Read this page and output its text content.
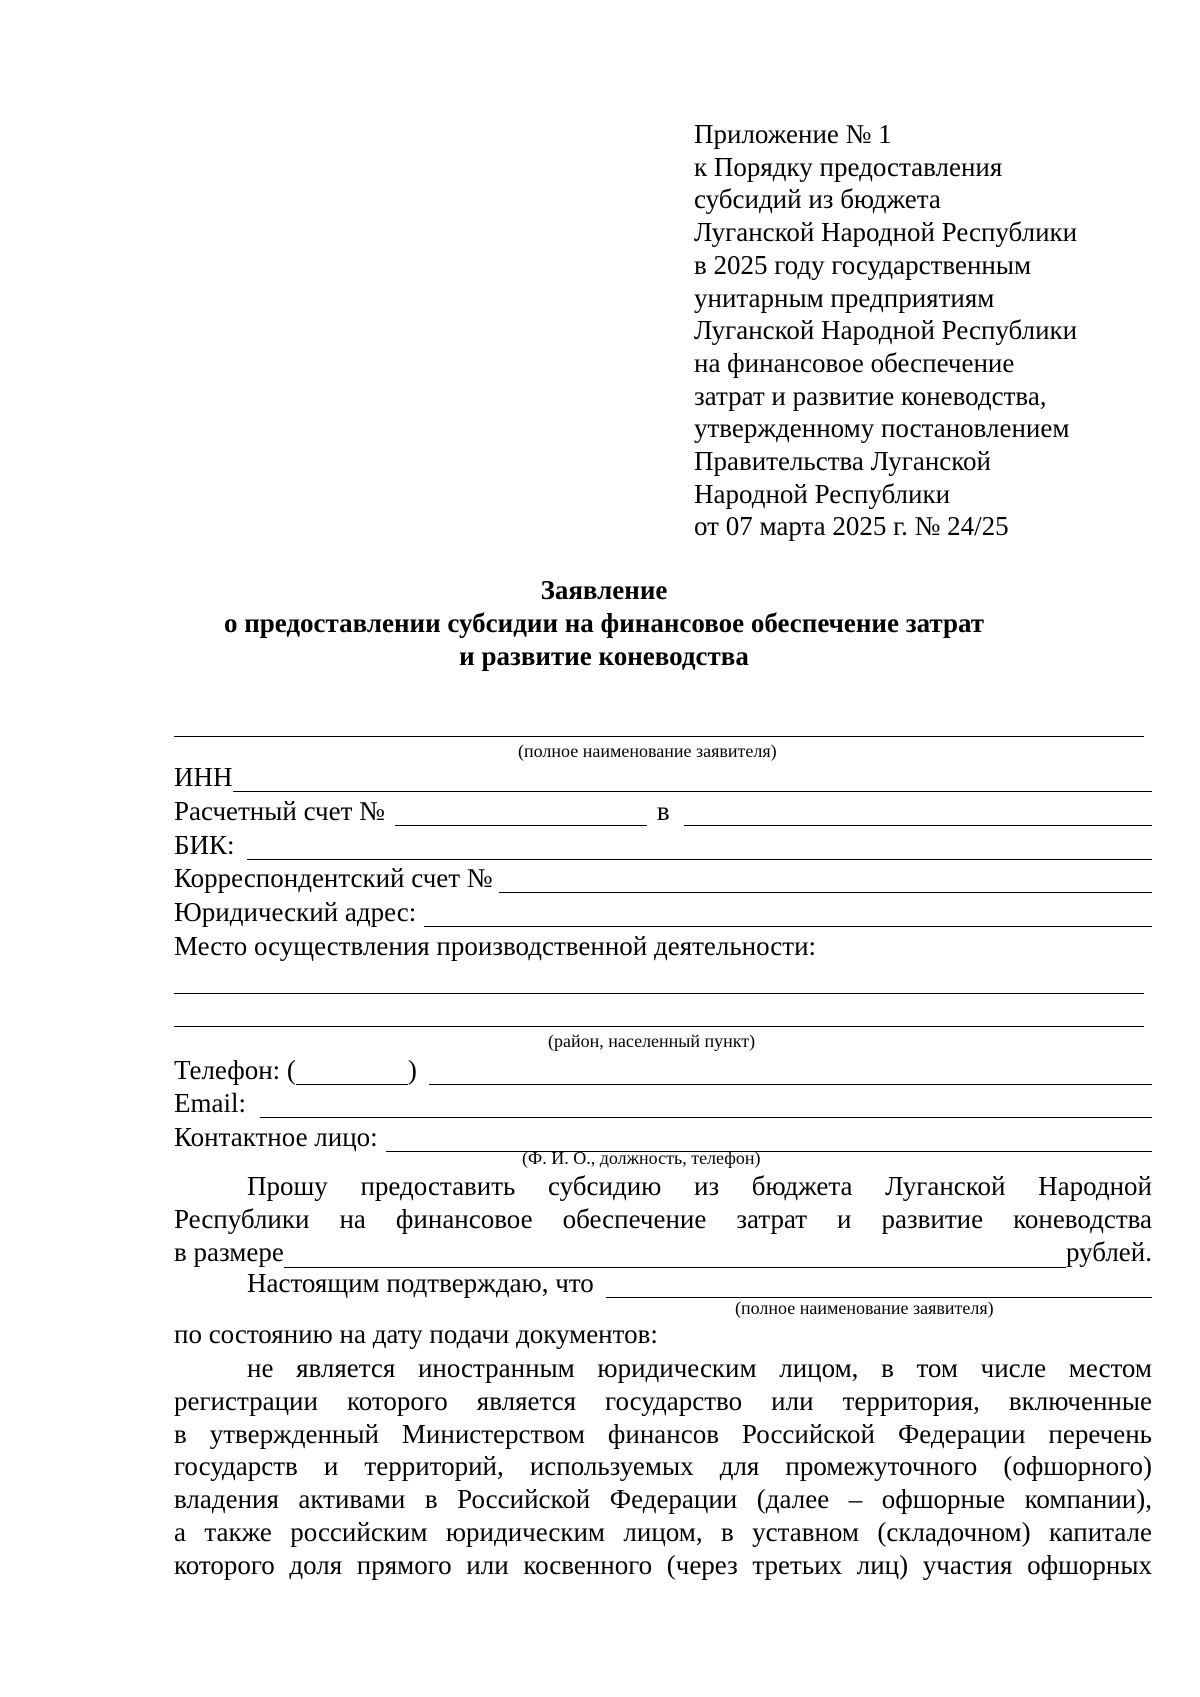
Приложение № 1
к Порядку предоставления
субсидий из бюджета
Луганской Народной Республики
в 2025 году государственным
унитарным предприятиям
Луганской Народной Республики
на финансовое обеспечение
затрат и развитие коневодства,
утвержденному постановлением
Правительства Луганской
Народной Республики
от 07 марта 2025 г. № 24/25
Заявление
о предоставлении субсидии на финансовое обеспечение затрат
и развитие коневодства
(полное наименование заявителя)
ИНН
Расчетный счет №	в
БИК:
Корреспондентский счет №
Юридический адрес:
Место осуществления производственной деятельности:
(район, населенный пункт)
Телефон: (	)
Email:
Контактное лицо:
(Ф. И. О., должность, телефон)
Прошу предоставить субсидию из бюджета Луганской Народной
Республики на финансовое обеспечение затрат и развитие коневодства
в размере	рублей.
Настоящим подтверждаю, что
(полное наименование заявителя)
по состоянию на дату подачи документов:
не является иностранным юридическим лицом, в том числе местом
регистрации которого является государство или территория, включенные
в утвержденный Министерством финансов Российской Федерации перечень
государств и территорий, используемых для промежуточного (офшорного)
владения активами в Российской Федерации (далее – офшорные компании),
а также российским юридическим лицом, в уставном (складочном) капитале
которого доля прямого или косвенного (через третьих лиц) участия офшорных
